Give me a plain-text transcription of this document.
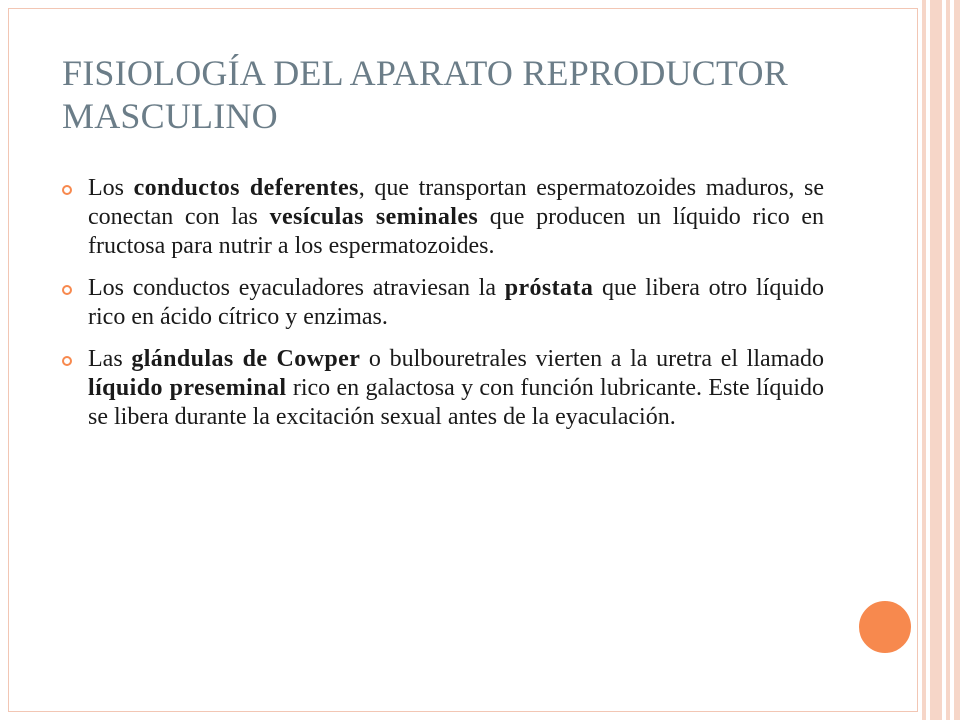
FISIOLOGÍA DEL APARATO REPRODUCTOR MASCULINO

Los conductos deferentes, que transportan espermatozoides maduros, se conectan con las vesículas seminales que producen un líquido rico en fructosa para nutrir a los espermatozoides.

Los conductos eyaculadores atraviesan la próstata que libera otro líquido rico en ácido cítrico y enzimas.

Las glándulas de Cowper o bulbouretrales vierten a la uretra el llamado líquido preseminal rico en galactosa y con función lubricante. Este líquido se libera durante la excitación sexual antes de la eyaculación.
